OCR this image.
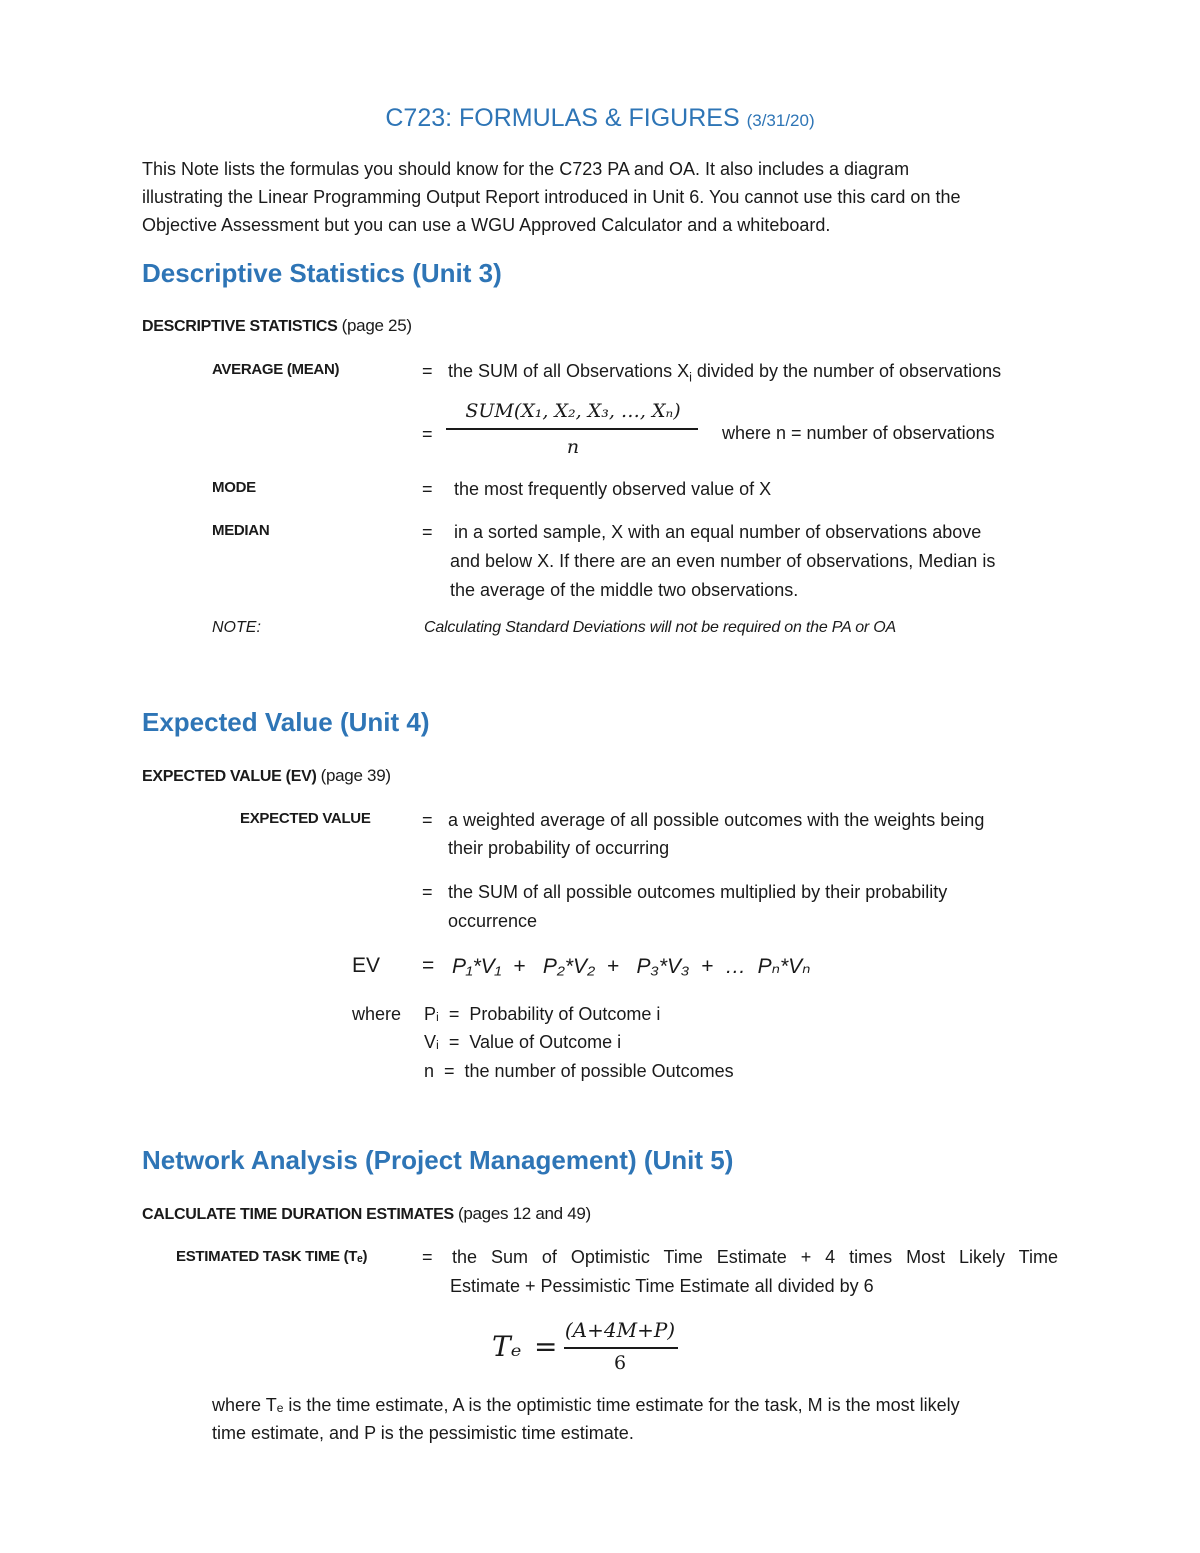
C723: FORMULAS & FIGURES (3/31/20)
This Note lists the formulas you should know for the C723 PA and OA. It also includes a diagram
illustrating the Linear Programming Output Report introduced in Unit 6. You cannot use this card on the
Objective Assessment but you can use a WGU Approved Calculator and a whiteboard.
Descriptive Statistics (Unit 3)
DESCRIPTIVE STATISTICS (page 25)
AVERAGE (MEAN)	= the SUM of all Observations $X_i$ divided by the number of observations
=
SUM(X₁, X₂, X₃, …, Xₙ)
n
where n = number of observations
MODE	= the most frequently observed value of X
MEDIAN	= in a sorted sample, X with an equal number of observations above
and below X. If there are an even number of observations, Median is
the average of the middle two observations.
NOTE:	Calculating Standard Deviations will not be required on the PA or OA
Expected Value (Unit 4)
EXPECTED VALUE (EV) (page 39)
EXPECTED VALUE	= a weighted average of all possible outcomes with the weights being
their probability of occurring
= the SUM of all possible outcomes multiplied by their probability
occurrence
EV = P₁*V₁  +   P₂*V₂  +   P₃*V₃  +  …  Pₙ*Vₙ
where Pᵢ  =  Probability of Outcome i
Vᵢ  =  Value of Outcome i
n  =  the number of possible Outcomes
Network Analysis (Project Management) (Unit 5)
CALCULATE TIME DURATION ESTIMATES (pages 12 and 49)
ESTIMATED TASK TIME (Tₑ)	= the Sum of Optimistic Time Estimate + 4 times Most Likely Time
Estimate + Pessimistic Time Estimate all divided by 6
Tₑ = (A+4M+P)
6
where Tₑ is the time estimate, A is the optimistic time estimate for the task, M is the most likely
time estimate, and P is the pessimistic time estimate.
